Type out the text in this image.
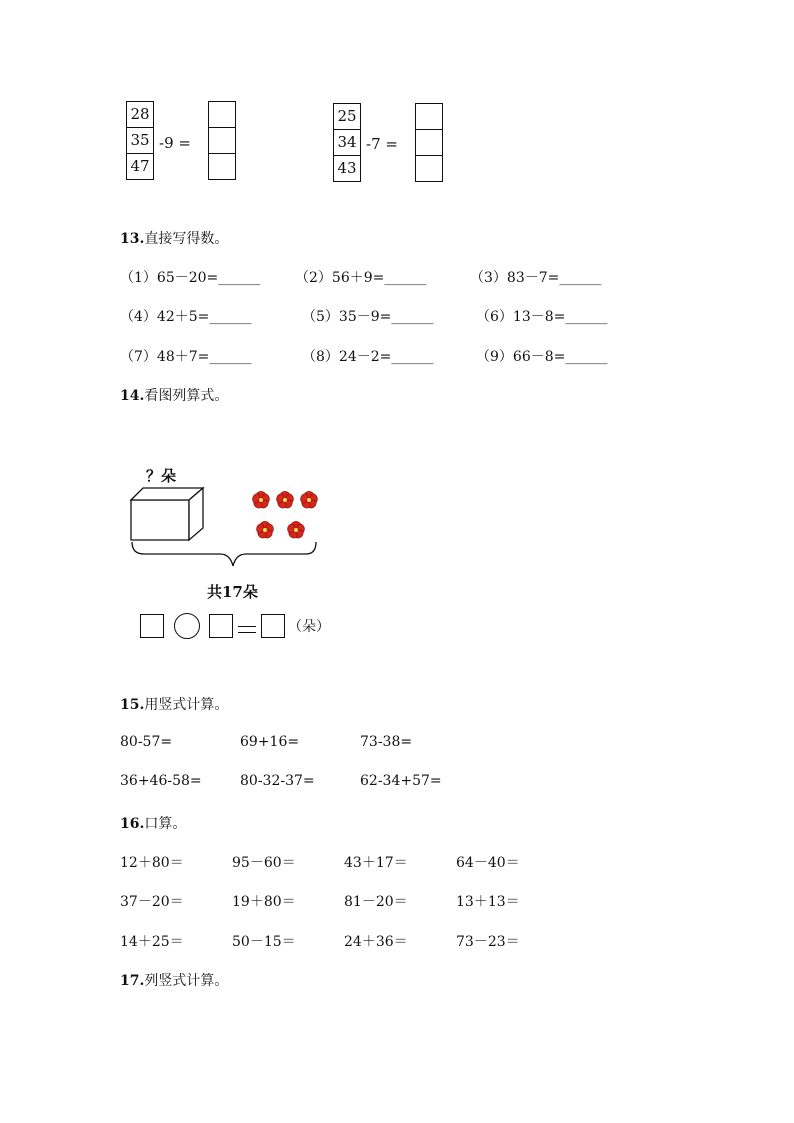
28
35
47
-9 =
25
34
43
-7 =
13.直接写得数。
（1）65－20=______ （2）56＋9=______	（3）83－7=______
（4）42＋5=______	（5）35－9=______	（6）13－8=______
（7）48＋7=______	（8）24－2=______	（9）66－8=______
14.看图列算式。
？朵
共17朵
（朵）
15.用竖式计算。
80-57=	69+16=	73-38=
36+46-58=	80-32-37=	62-34+57=
16.口算。
12＋80＝	95－60＝	43＋17＝	64－40＝
37－20＝	19＋80＝	81－20＝	13＋13＝
14＋25＝	50－15＝	24＋36＝	73－23＝
17.列竖式计算。
